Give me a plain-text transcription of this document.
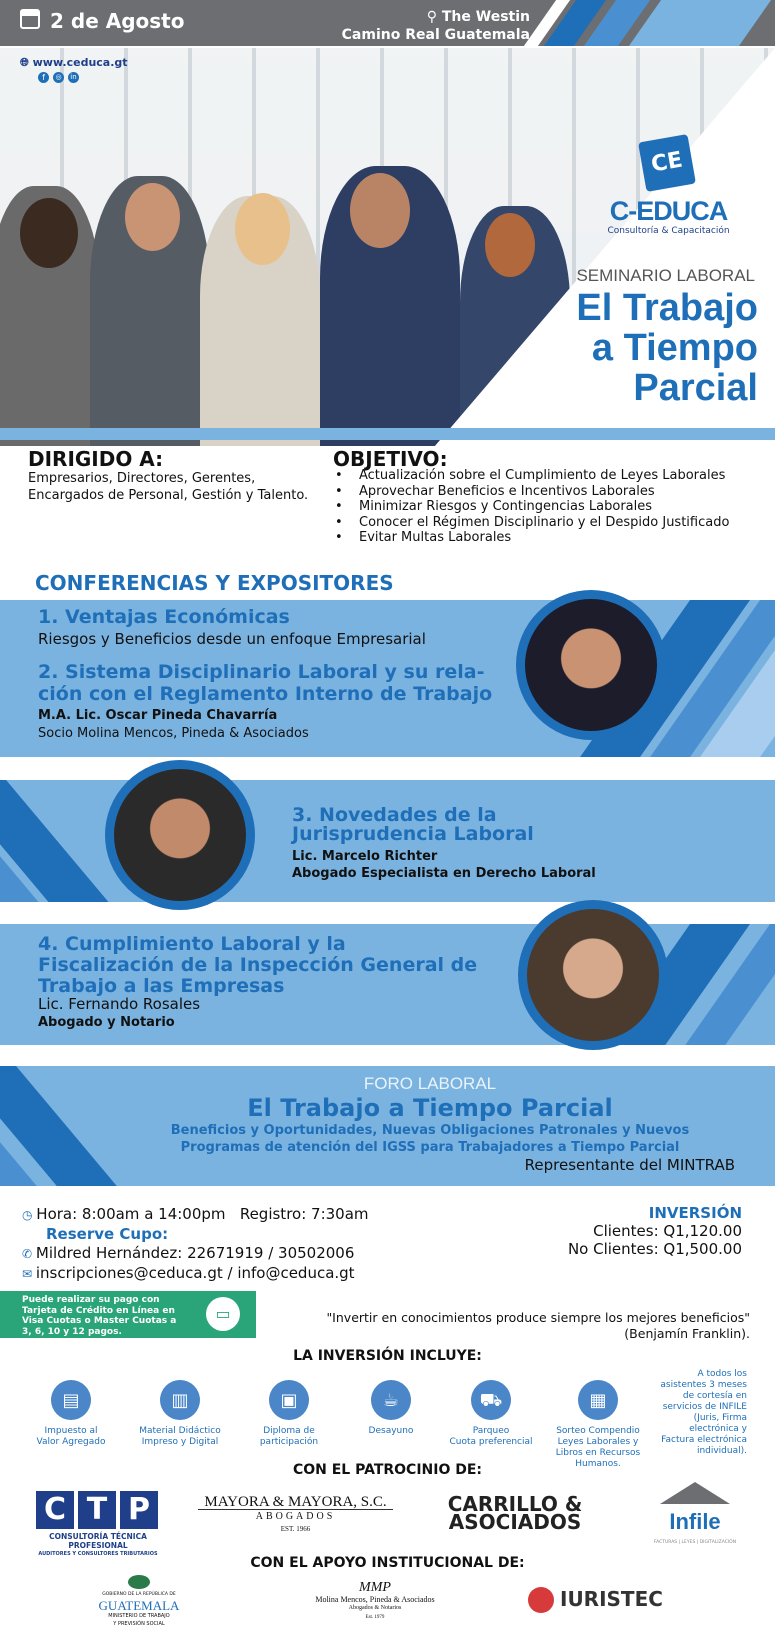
2 de Agosto	⚲ The Westin
Camino Real Guatemala
🌐︎ www.ceduca.gt
f	◎	in
CE
C-EDUCA
Consultoría & Capacitación
SEMINARIO LABORAL
El Trabajo
a Tiempo
Parcial
DIRIGIDO A:
Empresarios, Directores, Gerentes,
Encargados de Personal, Gestión y Talento.
OBJETIVO:
• Actualización sobre el Cumplimiento de Leyes Laborales
• Aprovechar Beneficios e Incentivos Laborales
• Minimizar Riesgos y Contingencias Laborales
• Conocer el Régimen Disciplinario y el Despido Justificado
• Evitar Multas Laborales
CONFERENCIAS Y EXPOSITORES
1. Ventajas Económicas
Riesgos y Beneficios desde un enfoque Empresarial
2. Sistema Disciplinario Laboral y su rela-
ción con el Reglamento Interno de Trabajo
M.A. Lic. Oscar Pineda Chavarría
Socio Molina Mencos, Pineda & Asociados
3. Novedades de la
Jurisprudencia Laboral
Lic. Marcelo Richter
Abogado Especialista en Derecho Laboral
4. Cumplimiento Laboral y la
Fiscalización de la Inspección General de
Trabajo a las Empresas
Lic. Fernando Rosales
Abogado y Notario
FORO LABORAL
El Trabajo a Tiempo Parcial
Beneficios y Oportunidades, Nuevas Obligaciones Patronales y Nuevos
Programas de atención del IGSS para Trabajadores a Tiempo Parcial
Representante del MINTRAB
◷ Hora: 8:00am a 14:00pm Registro: 7:30am
Reserve Cupo:
✆ Mildred Hernández: 22671919 / 30502006
✉ inscripciones@ceduca.gt / info@ceduca.gt
INVERSIÓN
Clientes: Q1,120.00
No Clientes: Q1,500.00
Puede realizar su pago con
Tarjeta de Crédito en Línea en
Visa Cuotas o Master Cuotas a
3, 6, 10 y 12 pagos.
▭	"Invertir en conocimientos produce siempre los mejores beneficios"
(Benjamín Franklin).
LA INVERSIÓN INCLUYE:
▤
Impuesto al
Valor Agregado
▥
Material Didáctico
Impreso y Digital
▣
Diploma de
participación
☕︎
Desayuno
⛟
Parqueo
Cuota preferencial
▦
Sorteo Compendio
Leyes Laborales y
Libros en Recursos
Humanos.
A todos los
asistentes 3 meses
de cortesía en
servicios de INFILE
(Juris, Firma
electrónica y
Factura electrónica
individual).
CON EL PATROCINIO DE:
C T P
CONSULTORÍA TÉCNICA PROFESIONAL
AUDITORES Y CONSULTORES TRIBUTARIOS
MAYORA & MAYORA, S.C.
ABOGADOS
EST. 1966
CARRILLO &
ASOCIADOS	Infile
FACTURAS | LEYES | DIGITALIZACIÓN
CON EL APOYO INSTITUCIONAL DE:
GOBIERNO DE LA REPÚBLICA DE
GUATEMALA
MINISTERIO DE TRABAJO
Y PREVISIÓN SOCIAL
MMP
Molina Mencos, Pineda & Asociados
Abogados & Notarios
Est. 1979
IURISTEC
